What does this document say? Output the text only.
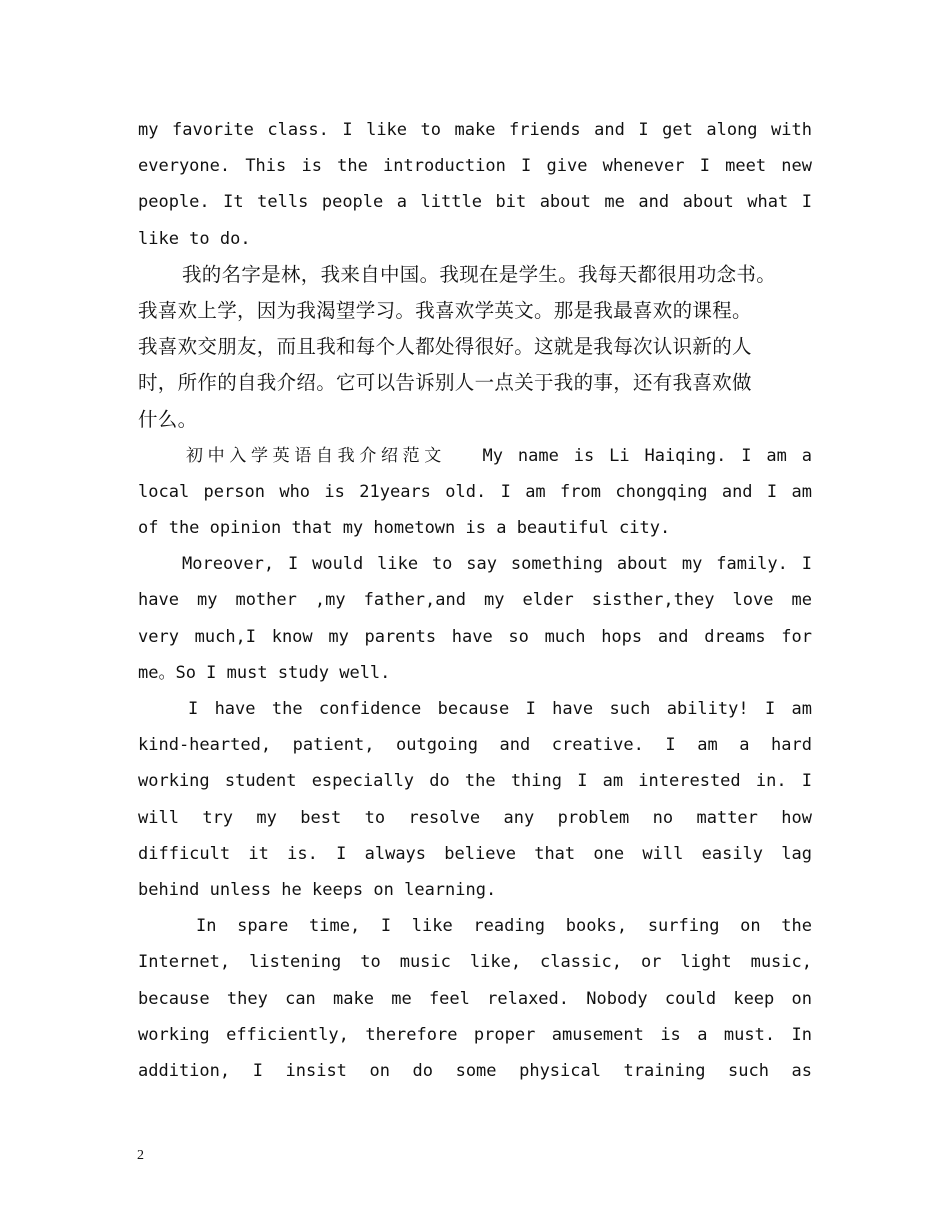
my favorite class. I like to make friends and I get along with
everyone. This is the introduction I give whenever I meet new
people. It tells people a little bit about me and about what I
like to do.
我的名字是林，我来自中国。我现在是学生。我每天都很用功念书。
我喜欢上学，因为我渴望学习。我喜欢学英文。那是我最喜欢的课程。
我喜欢交朋友，而且我和每个人都处得很好。这就是我每次认识新的人
时，所作的自我介绍。它可以告诉别人一点关于我的事，还有我喜欢做
什么。
初中入学英语自我介绍范文　 My name is Li Haiqing. I am a
local person who is 21years old. I am from chongqing and I am
of the opinion that my hometown is a beautiful city.
Moreover, I would like to say something about my family. I
have my mother ,my father,and my elder sisther,they love me
very much,I know my parents have so much hops and dreams for
me。So I must study well.
I have the confidence because I have such ability! I am
kind-hearted, patient, outgoing and creative. I am a hard
working student especially do the thing I am interested in. I
will try my best to resolve any problem no matter how
difficult it is. I always believe that one will easily lag
behind unless he keeps on learning.
In spare time, I like reading books, surfing on the
Internet, listening to music like, classic, or light music,
because they can make me feel relaxed. Nobody could keep on
working efficiently, therefore proper amusement is a must. In
addition, I insist on do some physical training such as
2
